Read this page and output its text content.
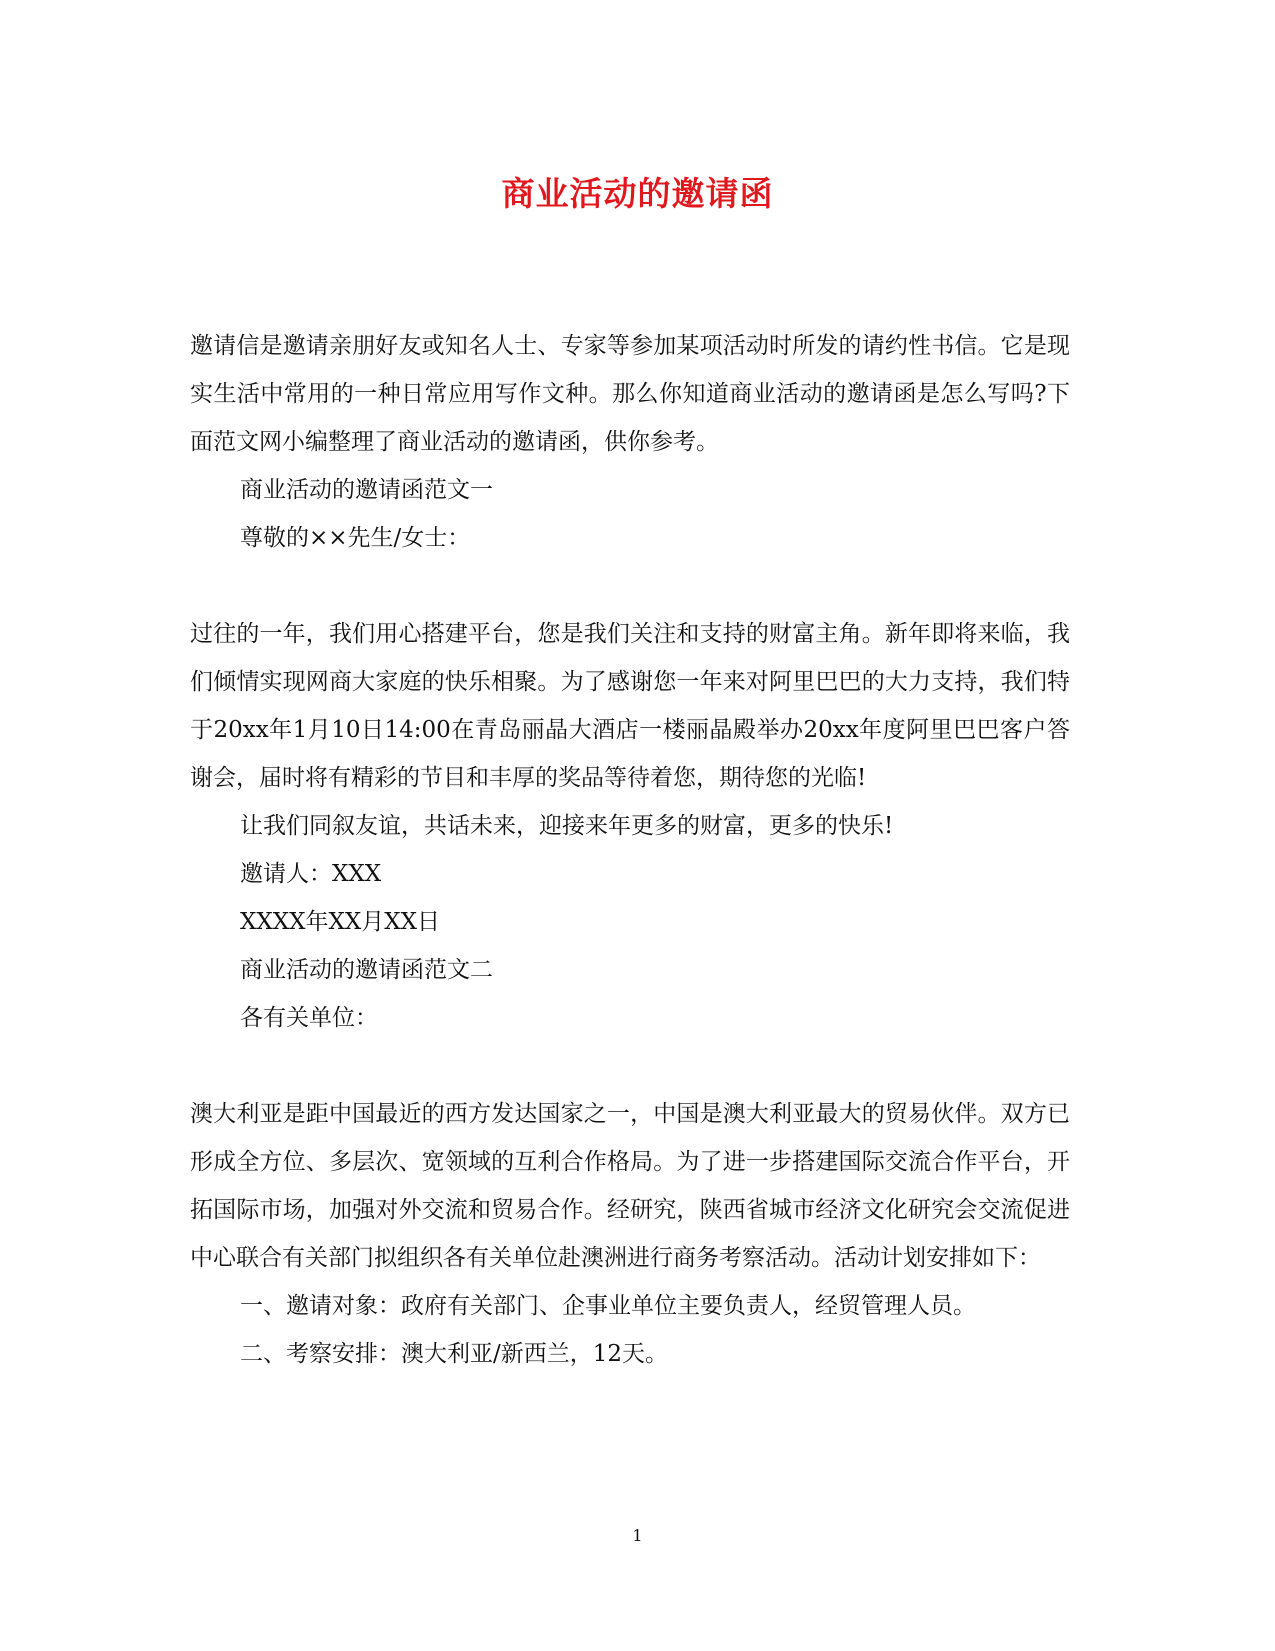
商业活动的邀请函

邀请信是邀请亲朋好友或知名人士、专家等参加某项活动时所发的请约性书信。它是现实生活中常用的一种日常应用写作文种。那么你知道商业活动的邀请函是怎么写吗?下面范文网小编整理了商业活动的邀请函，供你参考。

商业活动的邀请函范文一

尊敬的××先生/女士：

过往的一年，我们用心搭建平台，您是我们关注和支持的财富主角。新年即将来临，我们倾情实现网商大家庭的快乐相聚。为了感谢您一年来对阿里巴巴的大力支持，我们特于20xx年1月10日14:00在青岛丽晶大酒店一楼丽晶殿举办20xx年度阿里巴巴客户答谢会，届时将有精彩的节目和丰厚的奖品等待着您，期待您的光临!

让我们同叙友谊，共话未来，迎接来年更多的财富，更多的快乐!

邀请人：XXX

XXXX年XX月XX日

商业活动的邀请函范文二

各有关单位：

澳大利亚是距中国最近的西方发达国家之一，中国是澳大利亚最大的贸易伙伴。双方已形成全方位、多层次、宽领域的互利合作格局。为了进一步搭建国际交流合作平台，开拓国际市场，加强对外交流和贸易合作。经研究，陕西省城市经济文化研究会交流促进中心联合有关部门拟组织各有关单位赴澳洲进行商务考察活动。活动计划安排如下：

一、邀请对象：政府有关部门、企事业单位主要负责人，经贸管理人员。

二、考察安排：澳大利亚/新西兰，12天。

1
